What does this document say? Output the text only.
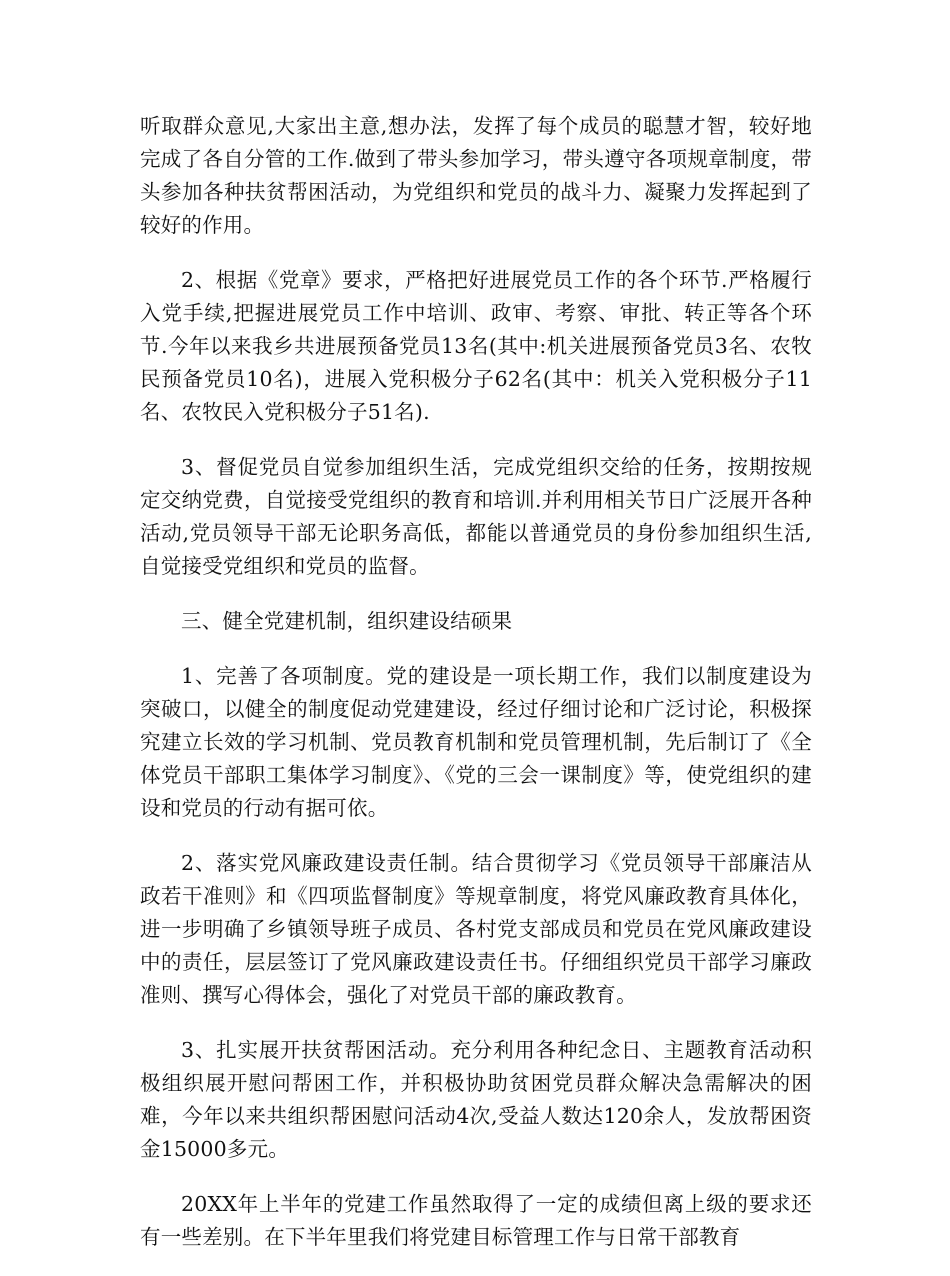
听取群众意见,大家出主意,想办法，发挥了每个成员的聪慧才智，较好地完成了各自分管的工作.做到了带头参加学习，带头遵守各项规章制度，带头参加各种扶贫帮困活动，为党组织和党员的战斗力、凝聚力发挥起到了较好的作用。

2、根据《党章》要求，严格把好进展党员工作的各个环节.严格履行入党手续,把握进展党员工作中培训、政审、考察、审批、转正等各个环节.今年以来我乡共进展预备党员13名(其中:机关进展预备党员3名、农牧民预备党员10名)，进展入党积极分子62名(其中：机关入党积极分子11名、农牧民入党积极分子51名).

3、督促党员自觉参加组织生活，完成党组织交给的任务，按期按规定交纳党费，自觉接受党组织的教育和培训.并利用相关节日广泛展开各种活动,党员领导干部无论职务高低，都能以普通党员的身份参加组织生活,自觉接受党组织和党员的监督。

三、健全党建机制，组织建设结硕果

1、完善了各项制度。党的建设是一项长期工作，我们以制度建设为突破口，以健全的制度促动党建建设，经过仔细讨论和广泛讨论，积极探究建立长效的学习机制、党员教育机制和党员管理机制，先后制订了《全体党员干部职工集体学习制度》、《党的三会一课制度》等，使党组织的建设和党员的行动有据可依。

2、落实党风廉政建设责任制。结合贯彻学习《党员领导干部廉洁从政若干准则》和《四项监督制度》等规章制度，将党风廉政教育具体化，进一步明确了乡镇领导班子成员、各村党支部成员和党员在党风廉政建设中的责任，层层签订了党风廉政建设责任书。仔细组织党员干部学习廉政准则、撰写心得体会，强化了对党员干部的廉政教育。

3、扎实展开扶贫帮困活动。充分利用各种纪念日、主题教育活动积极组织展开慰问帮困工作，并积极协助贫困党员群众解决急需解决的困难，今年以来共组织帮困慰问活动4次,受益人数达120余人，发放帮困资金15000多元。

20XX年上半年的党建工作虽然取得了一定的成绩但离上级的要求还有一些差别。在下半年里我们将党建目标管理工作与日常干部教育
